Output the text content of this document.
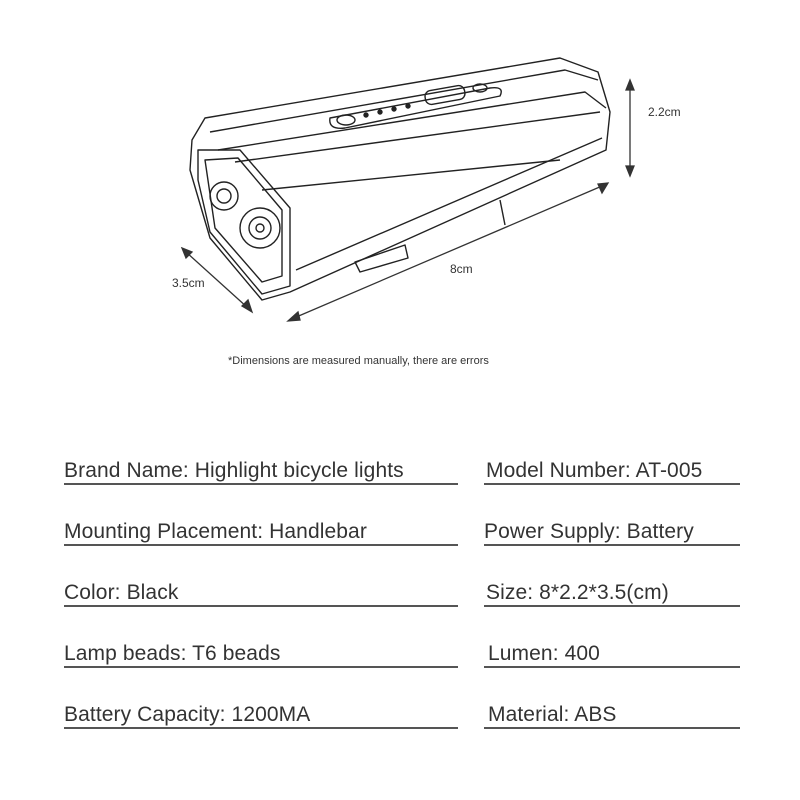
2.2cm
8cm
3.5cm
*Dimensions are measured manually, there are errors
Brand Name: Highlight bicycle lights	Model Number: AT-005
Mounting Placement: Handlebar	Power Supply: Battery
Color: Black	Size: 8*2.2*3.5(cm)
Lamp beads: T6 beads	Lumen: 400
Battery Capacity: 1200MA	Material: ABS
